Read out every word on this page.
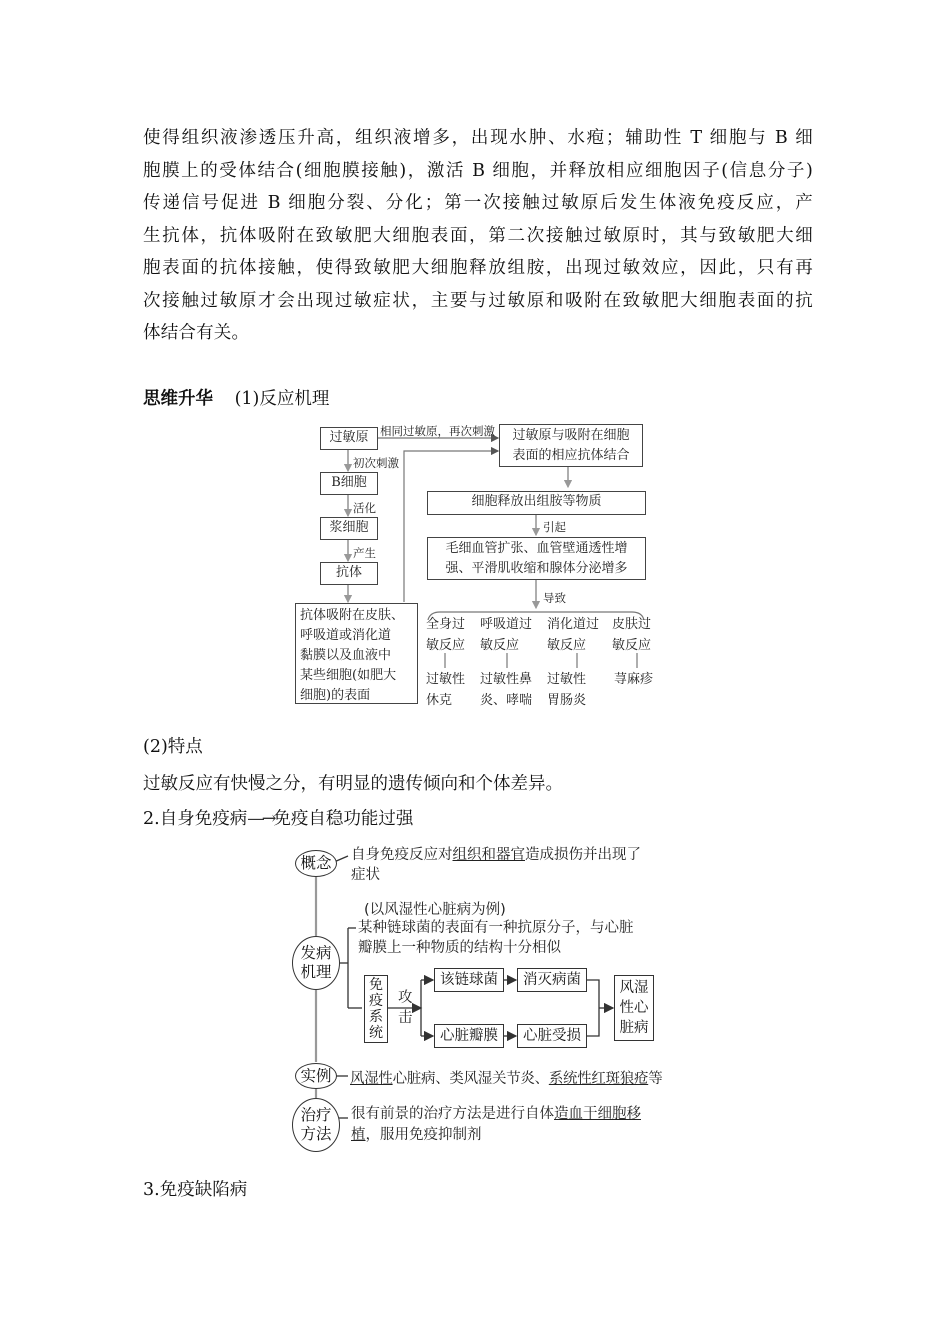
使得组织液渗透压升高，组织液增多，出现水肿、水疱；辅助性 T 细胞与 B 细
胞膜上的受体结合(细胞膜接触)，激活 B 细胞，并释放相应细胞因子(信息分子)
传递信号促进 B 细胞分裂、分化；第一次接触过敏原后发生体液免疫反应，产
生抗体，抗体吸附在致敏肥大细胞表面，第二次接触过敏原时，其与致敏肥大细
胞表面的抗体接触，使得致敏肥大细胞释放组胺，出现过敏效应，因此，只有再
次接触过敏原才会出现过敏症状，主要与过敏原和吸附在致敏肥大细胞表面的抗
体结合有关。
思维升华 (1)反应机理
过敏原
初次刺激
B细胞
活化
浆细胞
产生
抗体
抗体吸附在皮肤、
呼吸道或消化道
黏膜以及血液中
某些细胞(如肥大
细胞)的表面
相同过敏原，再次刺激	过敏原与吸附在细胞
表面的相应抗体结合
细胞释放出组胺等物质
引起
毛细血管扩张、血管壁通透性增
强、平滑肌收缩和腺体分泌增多
导致
全身过
敏反应
呼吸道过
敏反应
消化道过
敏反应
皮肤过
敏反应
过敏性
休克
过敏性鼻
炎、哮喘
过敏性
胃肠炎
荨麻疹
(2)特点
过敏反应有快慢之分，有明显的遗传倾向和个体差异。
2.自身免疫病—→免疫自稳功能过强
概念	自身免疫反应对组织和器官造成损伤并出现了
症状
发病
机理
(以风湿性心脏病为例)
某种链球菌的表面有一种抗原分子，与心脏
瓣膜上一种物质的结构十分相似
免
疫
系
统
攻
击
该链球菌	消灭病菌
心脏瓣膜	心脏受损
风湿
性心
脏病
实例	风湿性心脏病、类风湿关节炎、系统性红斑狼疮等
治疗
方法
很有前景的治疗方法是进行自体造血干细胞移
植，服用免疫抑制剂
3.免疫缺陷病
